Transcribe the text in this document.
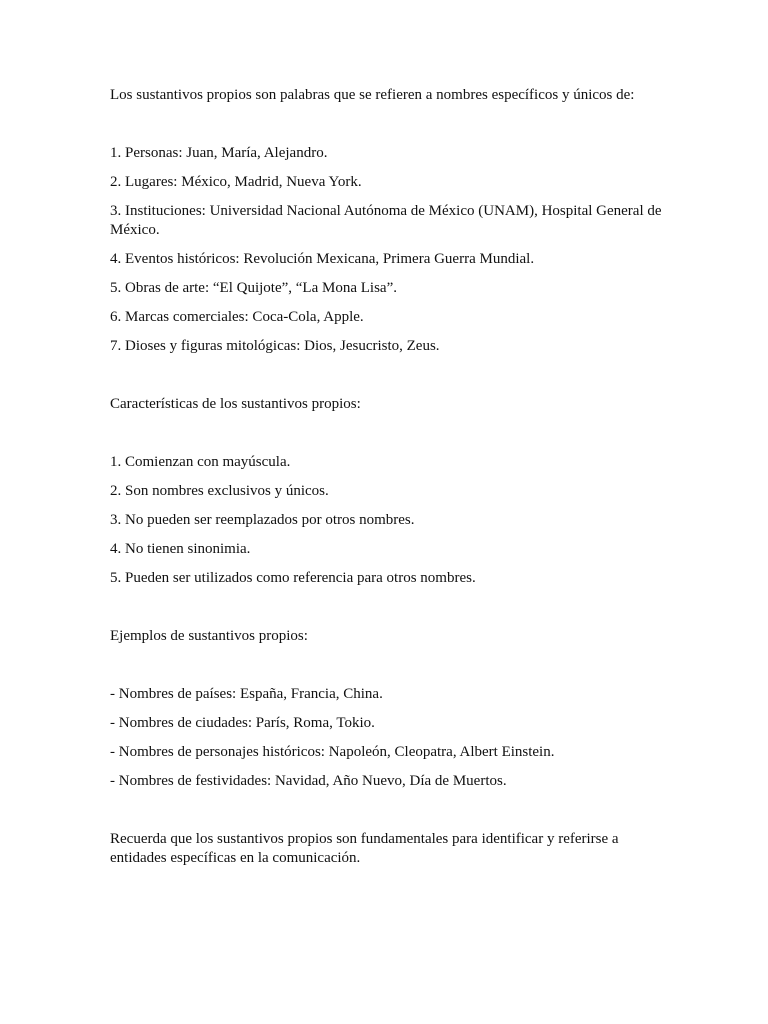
Los sustantivos propios son palabras que se refieren a nombres específicos y únicos de:

1. Personas: Juan, María, Alejandro.

2. Lugares: México, Madrid, Nueva York.

3. Instituciones: Universidad Nacional Autónoma de México (UNAM), Hospital General de México.

4. Eventos históricos: Revolución Mexicana, Primera Guerra Mundial.

5. Obras de arte: “El Quijote”, “La Mona Lisa”.

6. Marcas comerciales: Coca-Cola, Apple.

7. Dioses y figuras mitológicas: Dios, Jesucristo, Zeus.

Características de los sustantivos propios:

1. Comienzan con mayúscula.

2. Son nombres exclusivos y únicos.

3. No pueden ser reemplazados por otros nombres.

4. No tienen sinonimia.

5. Pueden ser utilizados como referencia para otros nombres.

Ejemplos de sustantivos propios:

- Nombres de países: España, Francia, China.

- Nombres de ciudades: París, Roma, Tokio.

- Nombres de personajes históricos: Napoleón, Cleopatra, Albert Einstein.

- Nombres de festividades: Navidad, Año Nuevo, Día de Muertos.

Recuerda que los sustantivos propios son fundamentales para identificar y referirse a entidades específicas en la comunicación.
